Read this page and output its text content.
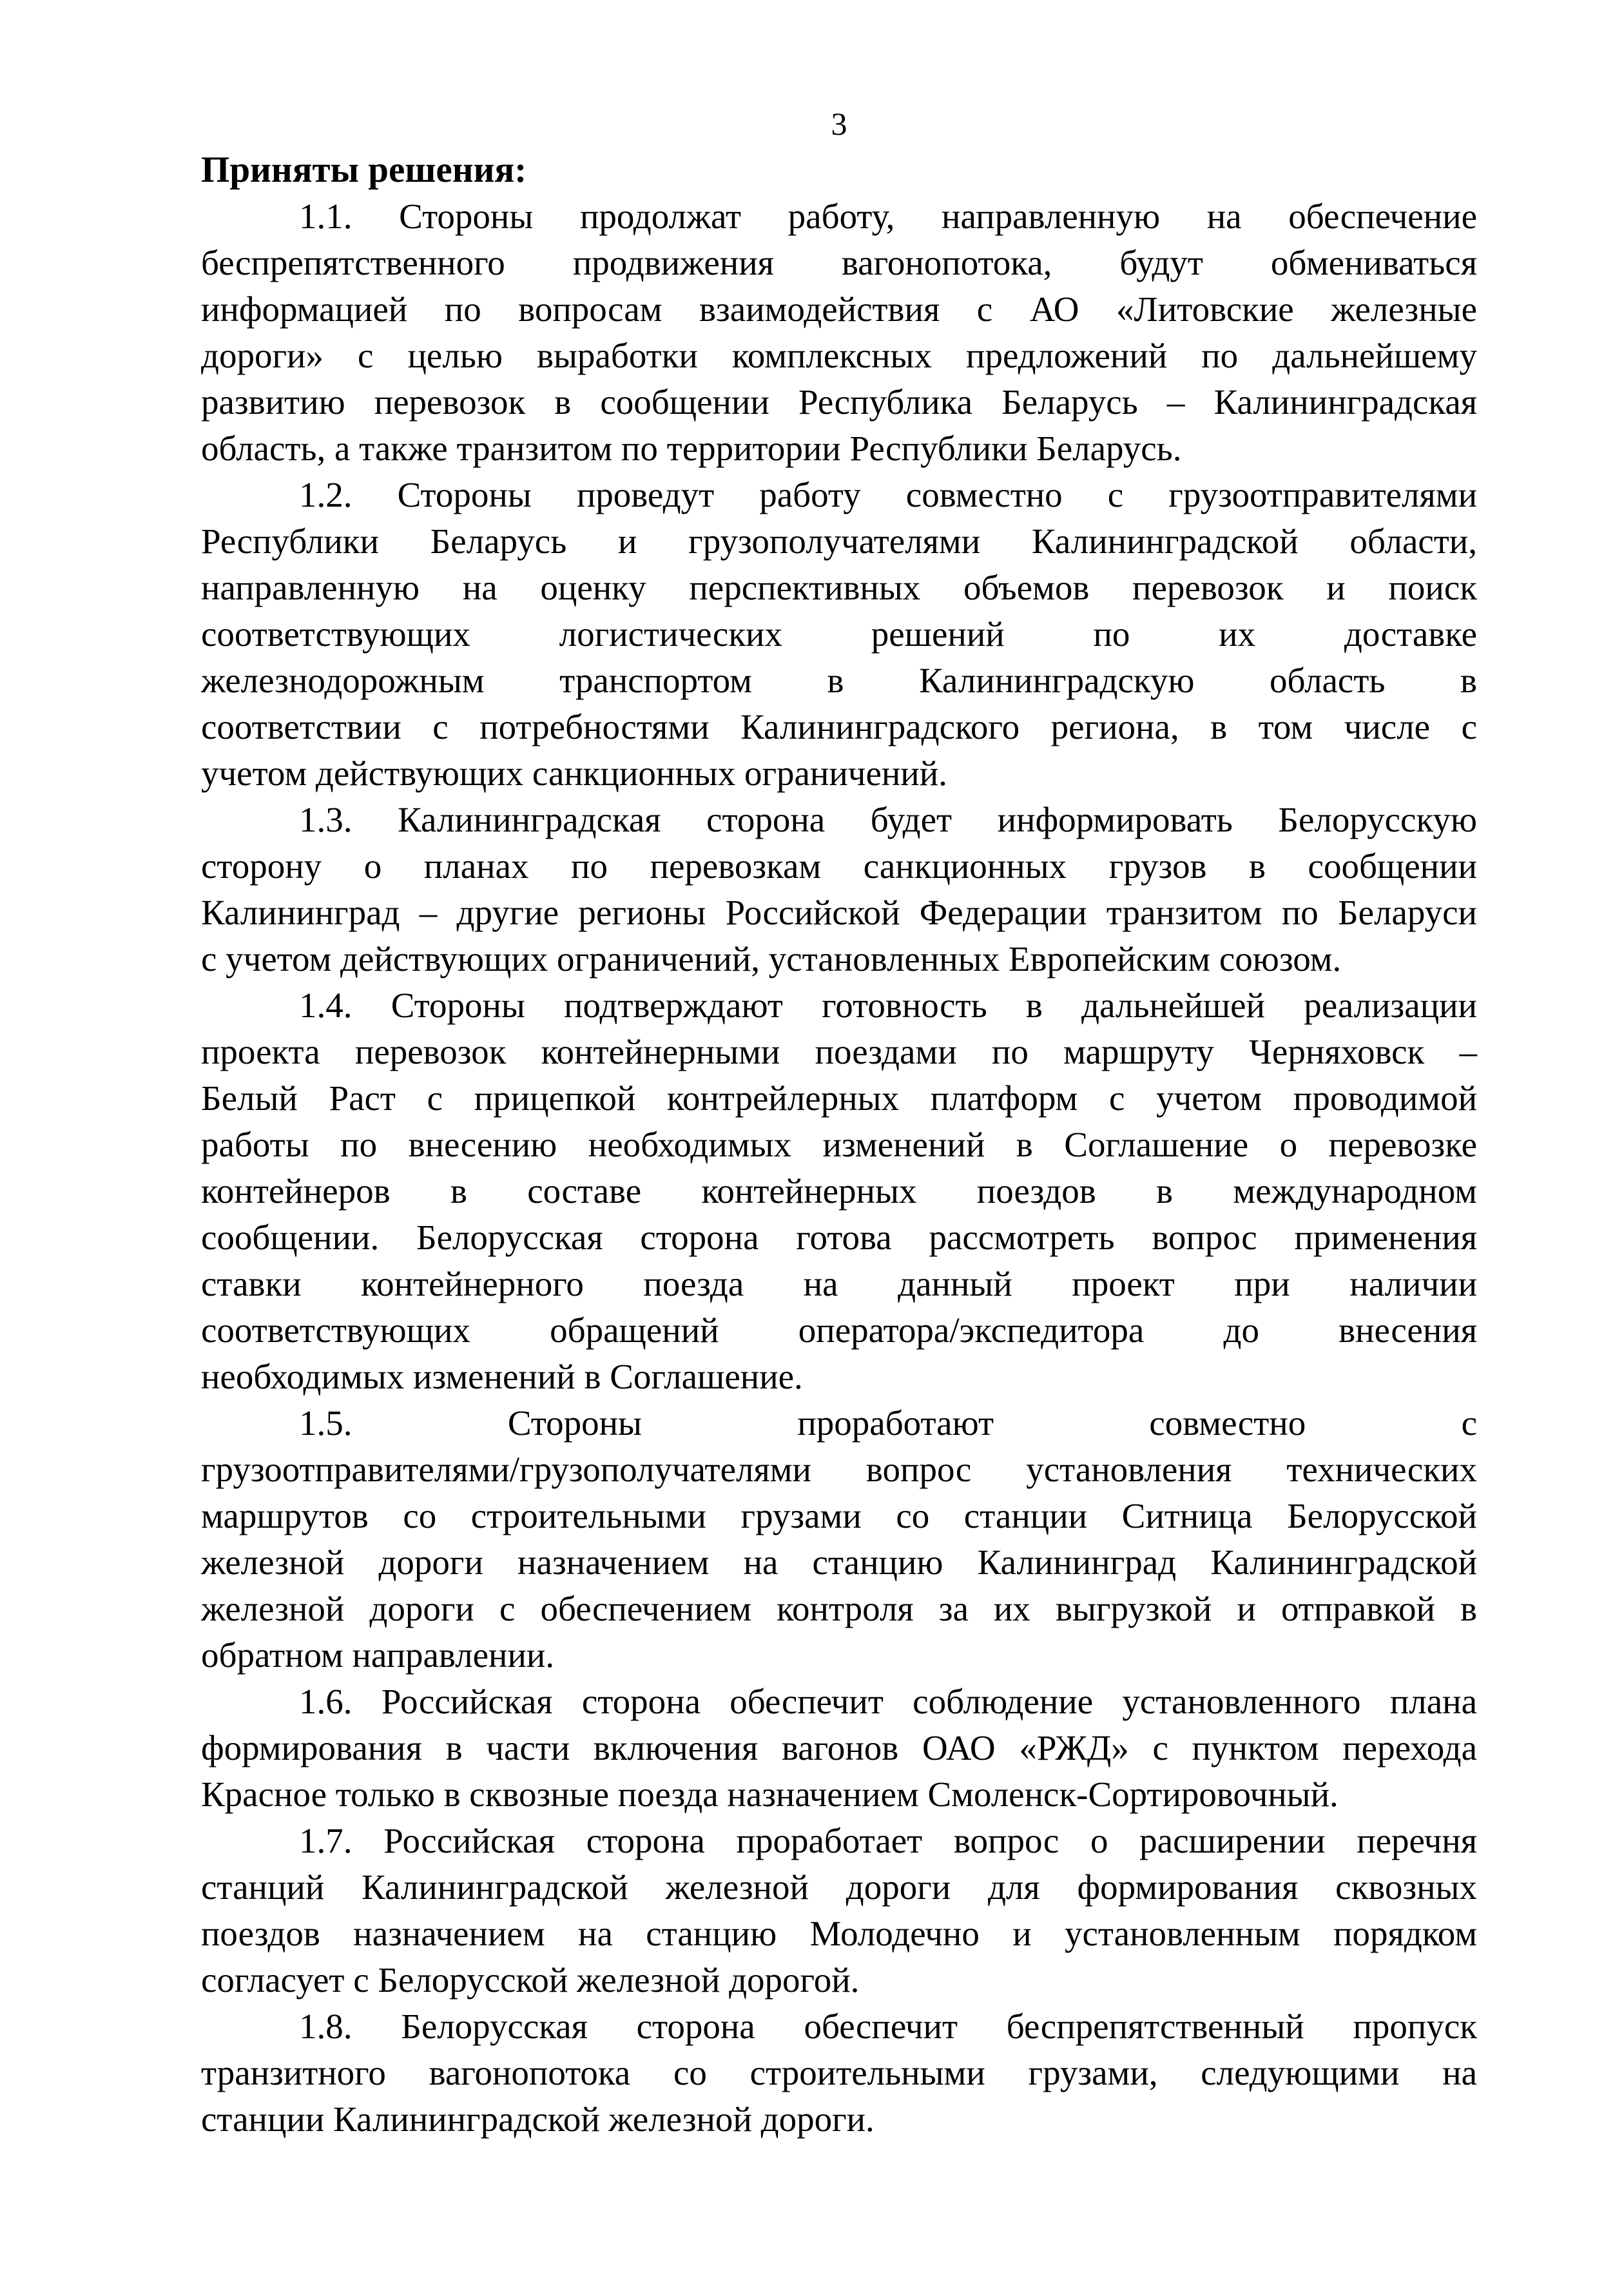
3
Приняты решения:
1.1. Стороны продолжат работу, направленную на обеспечение
беспрепятственного продвижения вагонопотока, будут обмениваться
информацией по вопросам взаимодействия с АО «Литовские железные
дороги» с целью выработки комплексных предложений по дальнейшему
развитию перевозок в сообщении Республика Беларусь – Калининградская
область, а также транзитом по территории Республики Беларусь.
1.2. Стороны проведут работу совместно с грузоотправителями
Республики Беларусь и грузополучателями Калининградской области,
направленную на оценку перспективных объемов перевозок и поиск
соответствующих логистических решений по их доставке
железнодорожным транспортом в Калининградскую область в
соответствии с потребностями Калининградского региона, в том числе с
учетом действующих санкционных ограничений.
1.3. Калининградская сторона будет информировать Белорусскую
сторону о планах по перевозкам санкционных грузов в сообщении
Калининград – другие регионы Российской Федерации транзитом по Беларуси
с учетом действующих ограничений, установленных Европейским союзом.
1.4. Стороны подтверждают готовность в дальнейшей реализации
проекта перевозок контейнерными поездами по маршруту Черняховск –
Белый Раст с прицепкой контрейлерных платформ с учетом проводимой
работы по внесению необходимых изменений в Соглашение о перевозке
контейнеров в составе контейнерных поездов в международном
сообщении. Белорусская сторона готова рассмотреть вопрос применения
ставки контейнерного поезда на данный проект при наличии
соответствующих обращений оператора/экспедитора до внесения
необходимых изменений в Соглашение.
1.5. Стороны проработают совместно с
грузоотправителями/грузополучателями вопрос установления технических
маршрутов со строительными грузами со станции Ситница Белорусской
железной дороги назначением на станцию Калининград Калининградской
железной дороги с обеспечением контроля за их выгрузкой и отправкой в
обратном направлении.
1.6. Российская сторона обеспечит соблюдение установленного плана
формирования в части включения вагонов ОАО «РЖД» с пунктом перехода
Красное только в сквозные поезда назначением Смоленск-Сортировочный.
1.7. Российская сторона проработает вопрос о расширении перечня
станций Калининградской железной дороги для формирования сквозных
поездов назначением на станцию Молодечно и установленным порядком
согласует с Белорусской железной дорогой.
1.8. Белорусская сторона обеспечит беспрепятственный пропуск
транзитного вагонопотока со строительными грузами, следующими на
станции Калининградской железной дороги.
